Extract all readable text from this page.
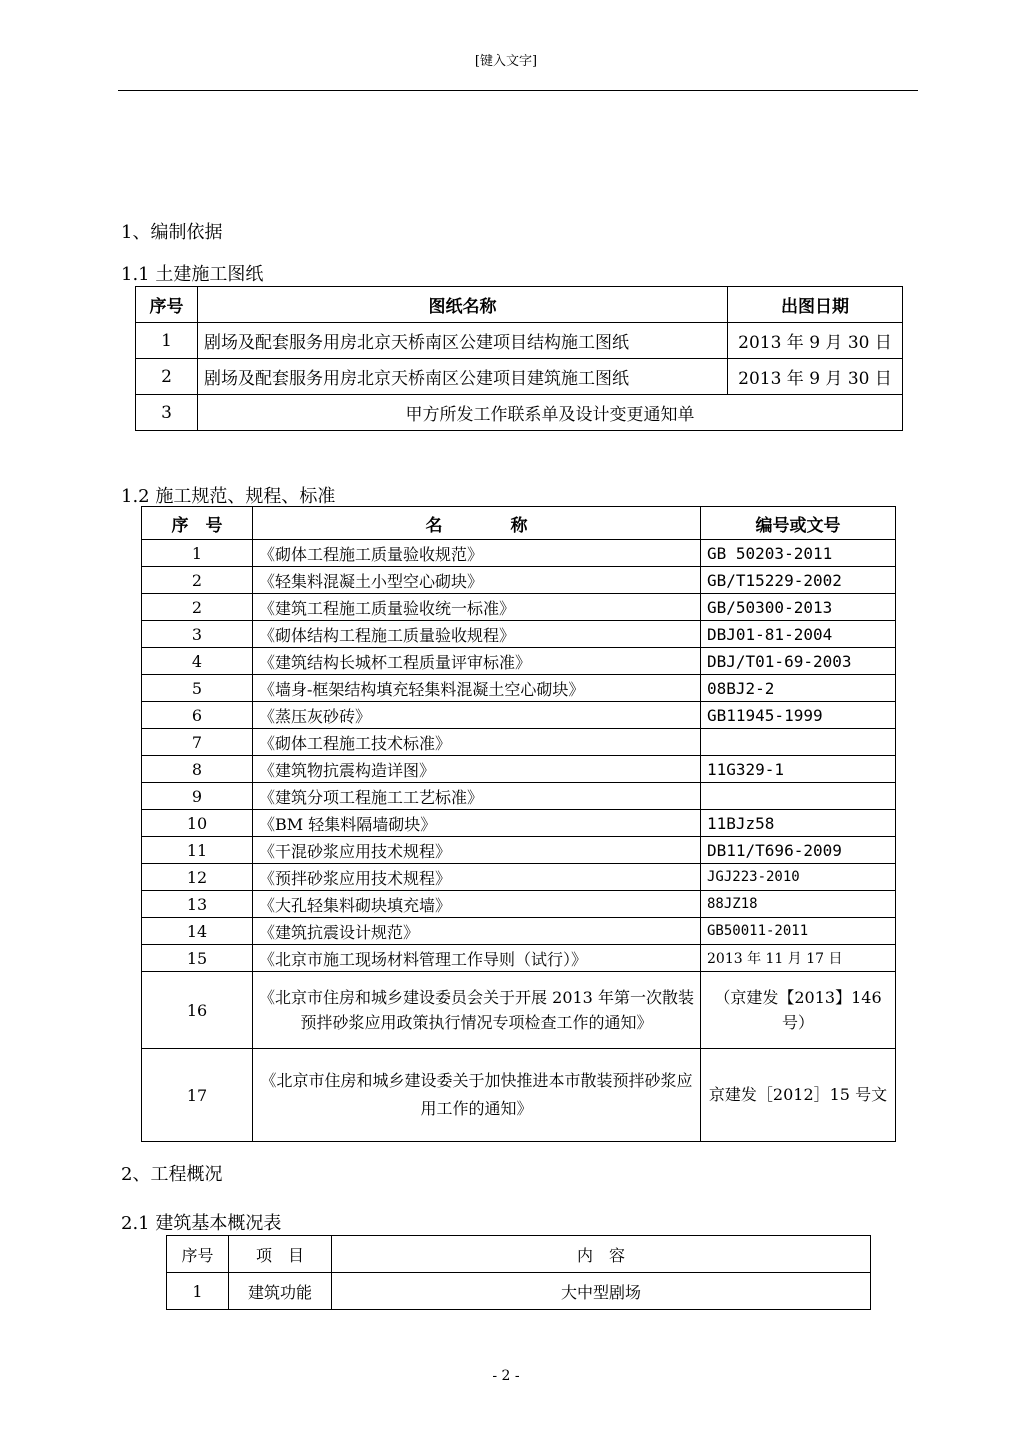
[键入文字]
1、编制依据
1.1 土建施工图纸
序号	图纸名称	出图日期
1	剧场及配套服务用房北京天桥南区公建项目结构施工图纸	2013 年 9 月 30 日
2	剧场及配套服务用房北京天桥南区公建项目建筑施工图纸	2013 年 9 月 30 日
3	甲方所发工作联系单及设计变更通知单	
1.2 施工规范、规程、标准
序　号	名　　　　称	编号或文号
1	《砌体工程施工质量验收规范》	GB 50203-2011
2	《轻集料混凝土小型空心砌块》	GB/T15229-2002
2	《建筑工程施工质量验收统一标准》	GB/50300-2013
3	《砌体结构工程施工质量验收规程》	DBJ01-81-2004
4	《建筑结构长城杯工程质量评审标准》	DBJ/T01-69-2003
5	《墙身-框架结构填充轻集料混凝土空心砌块》	08BJ2-2
6	《蒸压灰砂砖》	GB11945-1999
7	《砌体工程施工技术标准》	
8	《建筑物抗震构造详图》	11G329-1
9	《建筑分项工程施工工艺标准》	
10	《BM 轻集料隔墙砌块》	11BJz58
11	《干混砂浆应用技术规程》	DB11/T696-2009
12	《预拌砂浆应用技术规程》	JGJ223-2010
13	《大孔轻集料砌块填充墙》	88JZ18
14	《建筑抗震设计规范》	GB50011-2011
15	《北京市施工现场材料管理工作导则（试行）》	2013 年 11 月 17 日
16	《北京市住房和城乡建设委员会关于开展 2013 年第一次散装预拌砂浆应用政策执行情况专项检查工作的通知》	（京建发【2013】146 号）
17	《北京市住房和城乡建设委关于加快推进本市散装预拌砂浆应用工作的通知》	京建发［2012］15 号文
2、工程概况
2.1 建筑基本概况表
序号	项　目	内　容
1	建筑功能	大中型剧场
- 2 -
